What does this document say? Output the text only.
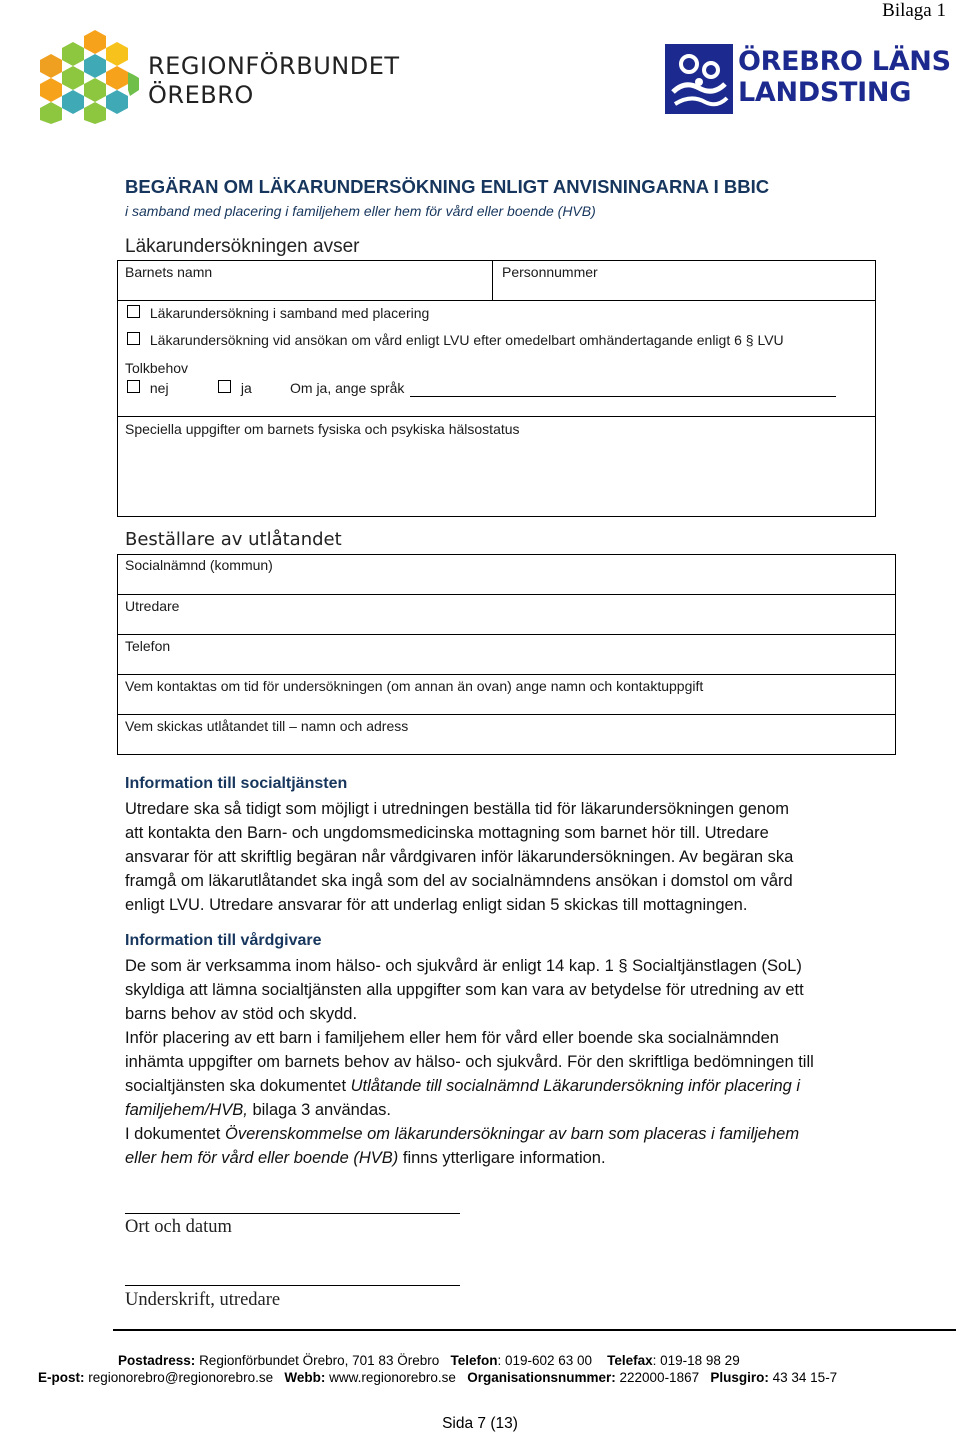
Bilaga 1
REGIONFÖRBUNDET
ÖREBRO
ÖREBRO LÄNS
LANDSTING
BEGÄRAN OM LÄKARUNDERSÖKNING ENLIGT ANVISNINGARNA I BBIC
i samband med placering i familjehem eller hem för vård eller boende (HVB)
Läkarundersökningen avser
Barnets namn	Personnummer
Läkarundersökning i samband med placering
Läkarundersökning vid ansökan om vård enligt LVU efter omedelbart omhändertagande enligt 6 § LVU
Tolkbehov
nej	ja	Om ja, ange språk
Speciella uppgifter om barnets fysiska och psykiska hälsostatus
Beställare av utlåtandet
Socialnämnd (kommun)
Utredare
Telefon
Vem kontaktas om tid för undersökningen (om annan än ovan) ange namn och kontaktuppgift
Vem skickas utlåtandet till – namn och adress
Information till socialtjänsten
Utredare ska så tidigt som möjligt i utredningen beställa tid för läkarundersökningen genom
att kontakta den Barn- och ungdomsmedicinska mottagning som barnet hör till. Utredare
ansvarar för att skriftlig begäran når vårdgivaren inför läkarundersökningen. Av begäran ska
framgå om läkarutlåtandet ska ingå som del av socialnämndens ansökan i domstol om vård
enligt LVU. Utredare ansvarar för att underlag enligt sidan 5 skickas till mottagningen.
Information till vårdgivare
De som är verksamma inom hälso- och sjukvård är enligt 14 kap. 1 § Socialtjänstlagen (SoL)
skyldiga att lämna socialtjänsten alla uppgifter som kan vara av betydelse för utredning av ett
barns behov av stöd och skydd.
Inför placering av ett barn i familjehem eller hem för vård eller boende ska socialnämnden
inhämta uppgifter om barnets behov av hälso- och sjukvård. För den skriftliga bedömningen till
socialtjänsten ska dokumentet Utlåtande till socialnämnd Läkarundersökning inför placering i
familjehem/HVB, bilaga 3 användas.
I dokumentet Överenskommelse om läkarundersökningar av barn som placeras i familjehem
eller hem för vård eller boende (HVB) finns ytterligare information.
Ort och datum
Underskrift, utredare
Postadress: Regionförbundet Örebro, 701 83 Örebro Telefon: 019-602 63 00 Telefax: 019-18 98 29
E-post: regionorebro@regionorebro.se Webb: www.regionorebro.se Organisationsnummer: 222000-1867 Plusgiro: 43 34 15-7
Sida 7 (13)
